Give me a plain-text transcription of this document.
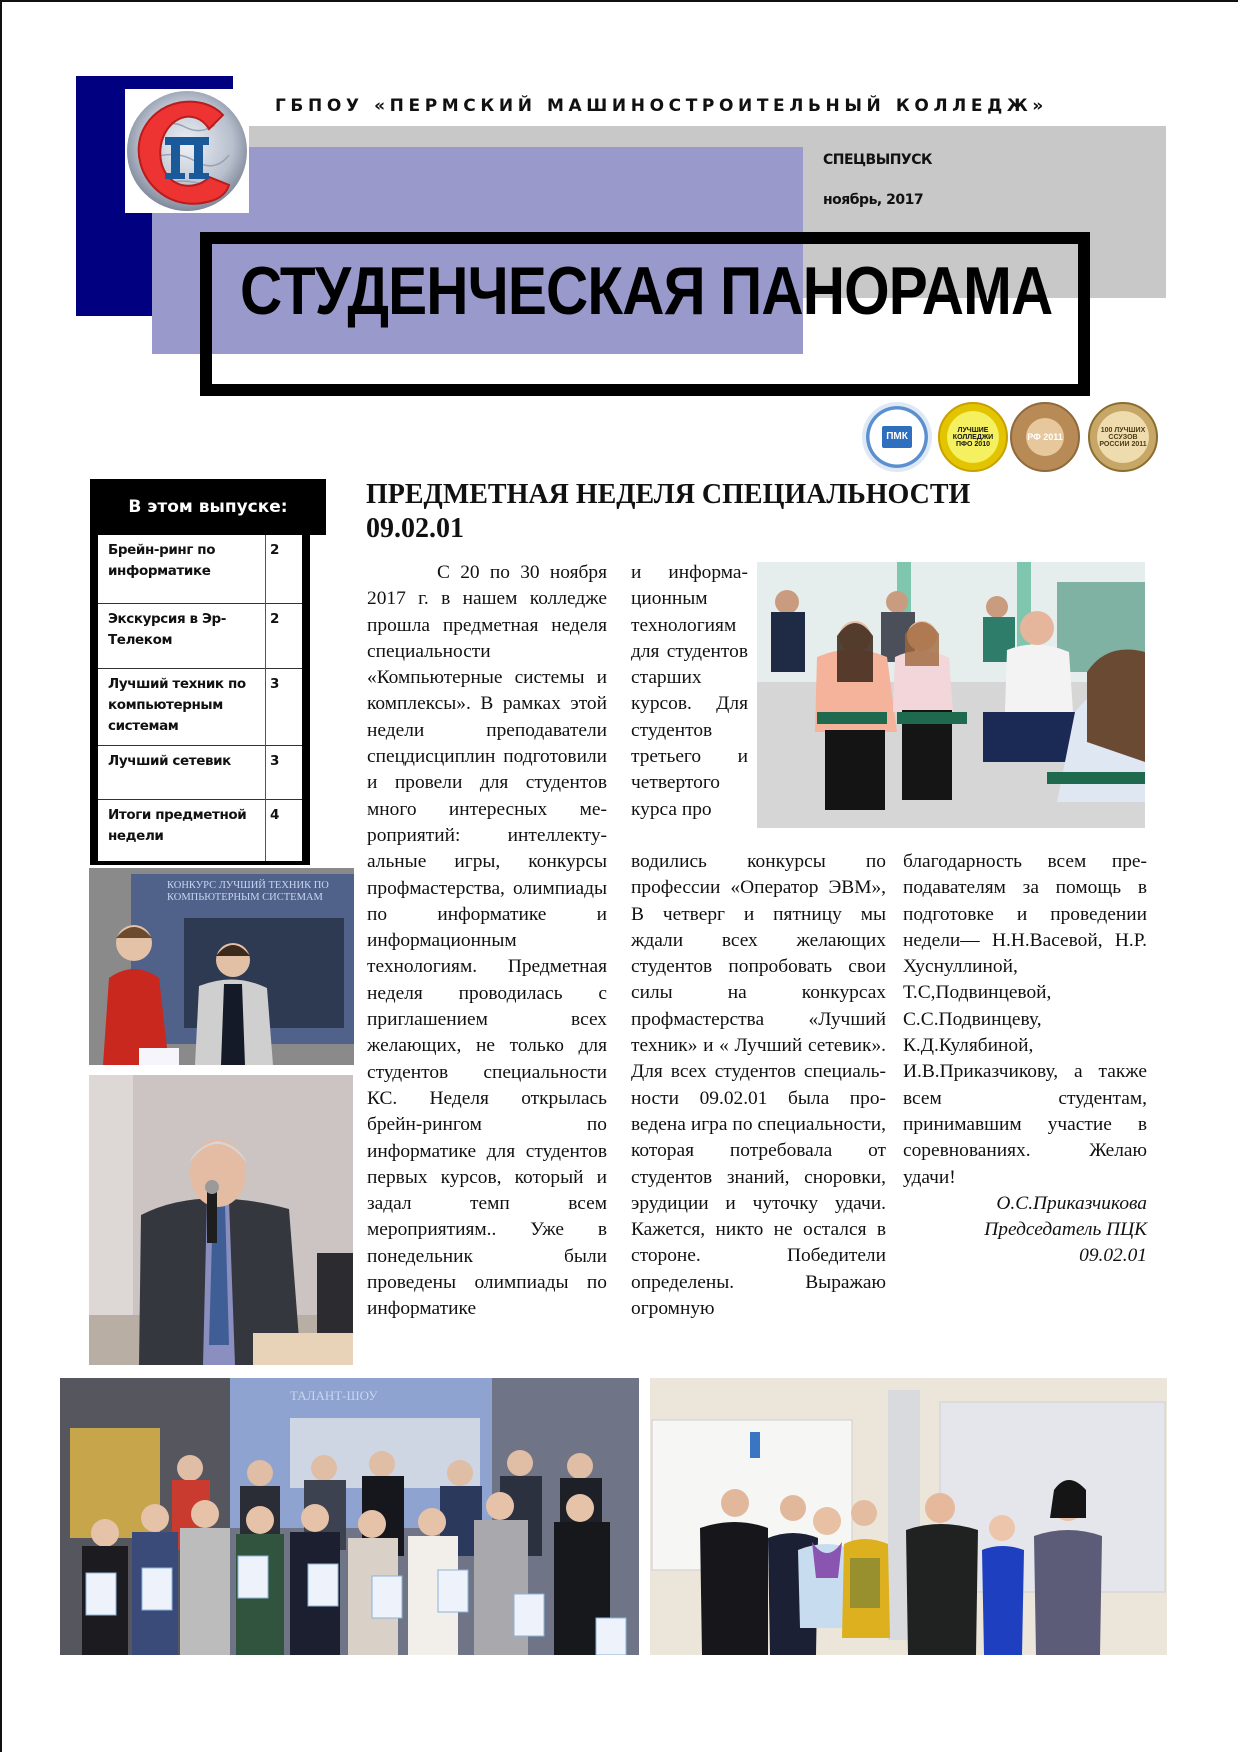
ГБПОУ «ПЕРМСКИЙ МАШИНОСТРОИТЕЛЬНЫЙ КОЛЛЕДЖ»
СПЕЦВЫПУСК
ноябрь, 2017
СТУДЕНЧЕСКАЯ ПАНОРАМА
ПМК
ЛУЧШИЕ КОЛЛЕДЖИ ПФО 2010
РФ 2011
100 ЛУЧШИХ ССУЗОВ РОССИИ 2011
В этом выпуске:
Брейн-ринг по информатике	2
Экскурсия в Эр-Телеком	2
Лучший техник по компьютерным системам	3
Лучший сетевик	3
Итоги предметной недели	4
КОНКУРС ЛУЧШИЙ ТЕХНИК ПО КОМПЬЮТЕРНЫМ СИСТЕМАМ
ПРЕДМЕТНАЯ НЕДЕЛЯ СПЕЦИАЛЬНОСТИ 09.02.01

С 20 по 30 ноября 2017 г. в нашем колледже прошла предметная неделя специальности «Компьютерные системы и комплексы». В рамках этой недели преподаватели спецдисциплин подготовили и провели для студентов много интересных мероприятий: интеллектуальные игры, конкурсы профмастерства, олимпиады по информатике и информационным технологиям. Предметная неделя проводилась с приглашением всех желающих, не только для студентов специальности КС. Неделя открылась брейн-рингом по информатике для студентов первых курсов, который и задал темп всем мероприятиям.. Уже в понедельник были проведены олимпиады по информатике

и информационным технологиям для студентов старших курсов. Для студентов третьего и четвертого курса про

водились конкурсы по профессии «Оператор ЭВМ», В четверг и пятницу мы ждали всех желающих студентов попробовать свои силы на конкурсах профмастерства «Лучший техник» и « Лучший сетевик». Для всех студентов специальности 09.02.01 была проведена игра по специальности, которая потребовала от студентов знаний, сноровки, эрудиции и чуточку удачи. Кажется, никто не остался в стороне. Победители определены. Выражаю огромную

благодарность всем преподавателям за помощь в подготовке и проведении недели— Н.Н.Васевой, Н.Р. Хуснуллиной, Т.С,Подвинцевой, С.С.Подвинцеву, К.Д.Кулябиной, И.В.Приказчикову, а также всем студентам, принимавшим участие в соревнованиях. Желаю удачи!

О.С.Приказчикова

Председатель ПЦК

09.02.01

ТАЛАНТ-ШОУ
